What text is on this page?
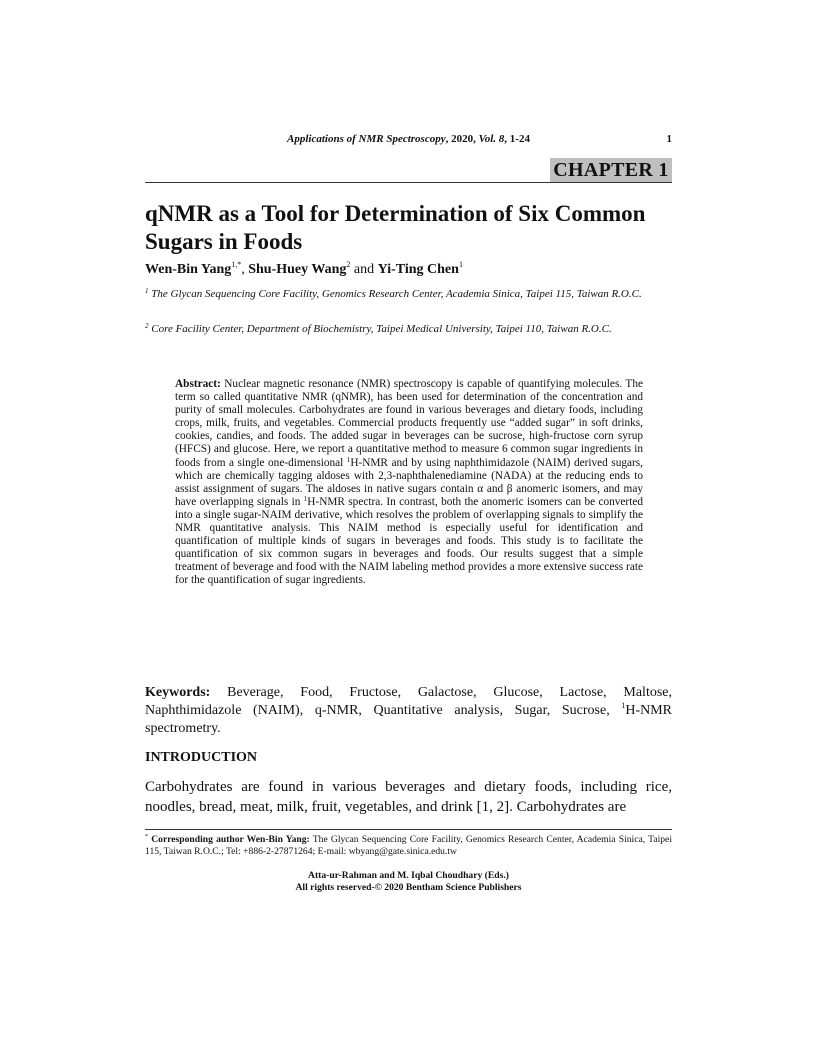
Applications of NMR Spectroscopy, 2020, Vol. 8, 1-24	1
CHAPTER 1
qNMR as a Tool for Determination of Six Common Sugars in Foods
Wen-Bin Yang$^{1,*}$, Shu-Huey Wang$^2$ and Yi-Ting Chen$^1$
$^1$ The Glycan Sequencing Core Facility, Genomics Research Center, Academia Sinica, Taipei 115, Taiwan R.O.C.
$^2$ Core Facility Center, Department of Biochemistry, Taipei Medical University, Taipei 110, Taiwan R.O.C.

Abstract: Nuclear magnetic resonance (NMR) spectroscopy is capable of quantifying molecules. The term so called quantitative NMR (qNMR), has been used for determination of the concentration and purity of small molecules. Carbohydrates are found in various beverages and dietary foods, including crops, milk, fruits, and vegetables. Commercial products frequently use “added sugar” in soft drinks, cookies, candies, and foods. The added sugar in beverages can be sucrose, high-fructose corn syrup (HFCS) and glucose. Here, we report a quantitative method to measure 6 common sugar ingredients in foods from a single one-dimensional $^1$H-NMR and by using naphthimidazole (NAIM) derived sugars, which are chemically tagging aldoses with 2,3-naphthalenediamine (NADA) at the reducing ends to assist assignment of sugars. The aldoses in native sugars contain α and β anomeric isomers, and may have overlapping signals in $^1$H-NMR spectra. In contrast, both the anomeric isomers can be converted into a single sugar-NAIM derivative, which resolves the problem of overlapping signals to simplify the NMR quantitative analysis. This NAIM method is especially useful for identification and quantification of multiple kinds of sugars in beverages and foods. This study is to facilitate the quantification of six common sugars in beverages and foods. Our results suggest that a simple treatment of beverage and food with the NAIM labeling method provides a more extensive success rate for the quantification of sugar ingredients.

Keywords: Beverage, Food, Fructose, Galactose, Glucose, Lactose, Maltose, Naphthimidazole (NAIM), q-NMR, Quantitative analysis, Sugar, Sucrose, $^1$H-NMR spectrometry.

INTRODUCTION

Carbohydrates are found in various beverages and dietary foods, including rice, noodles, bread, meat, milk, fruit, vegetables, and drink [1, 2]. Carbohydrates are

* Corresponding author Wen-Bin Yang: The Glycan Sequencing Core Facility, Genomics Research Center, Academia Sinica, Taipei 115, Taiwan R.O.C.; Tel: +886-2-27871264; E-mail: wbyang@gate.sinica.edu.tw

Atta-ur-Rahman and M. Iqbal Choudhary (Eds.)
All rights reserved-© 2020 Bentham Science Publishers
